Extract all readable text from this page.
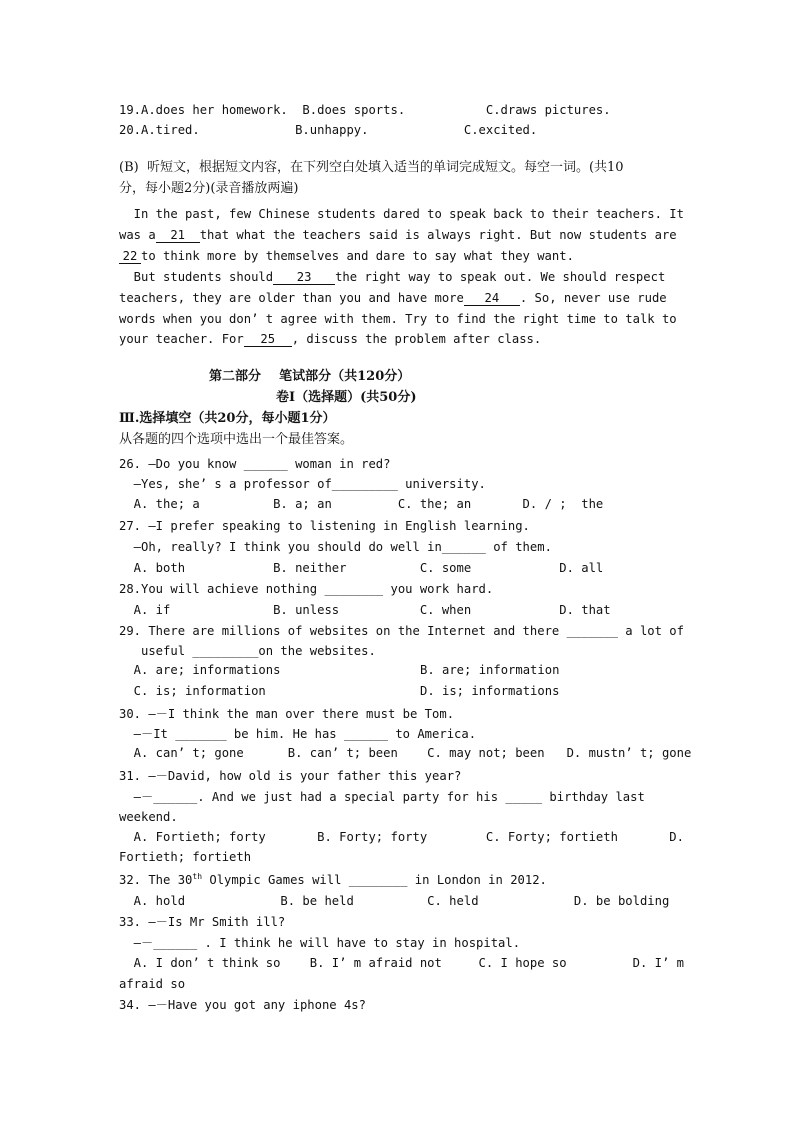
19.A.does her homework.  B.does sports.           C.draws pictures.
20.A.tired.             B.unhappy.             C.excited.
(B)  听短文，根据短文内容，在下列空白处填入适当的单词完成短文。每空一词。(共10
分，每小题2分)(录音播放两遍)
In the past, few Chinese students dared to speak back to their teachers. It
was a 21 that what the teachers said is always right. But now students are
22 to think more by themselves and dare to say what they want.
But students should 23 the right way to speak out. We should respect
teachers, they are older than you and have more 24 . So, never use rude
words when you don’ t agree with them. Try to find the right time to talk to
your teacher. For 25 , discuss the problem after class.
第二部分    笔试部分（共120分）
卷Ⅰ（选择题）(共50分)
Ⅲ.选择填空（共20分，每小题1分）
从各题的四个选项中选出一个最佳答案。
26. —Do you know ______ woman in red?
—Yes, she’ s a professor of_________ university.
A. the; a          B. a; an         C. the; an       D. / ;  the
27. —I prefer speaking to listening in English learning.
—Oh, really? I think you should do well in______ of them.
A. both            B. neither          C. some            D. all
28.You will achieve nothing ________ you work hard.
A. if              B. unless           C. when            D. that
29. There are millions of websites on the Internet and there _______ a lot of
useful _________on the websites.
A. are; informations	B. are; information
C. is; information	D. is; informations
30. —－I think the man over there must be Tom.
—－It _______ be him. He has ______ to America.
A. can’ t; gone      B. can’ t; been    C. may not; been   D. mustn’ t; gone
31. —－David, how old is your father this year?
—－______. And we just had a special party for his _____ birthday last
weekend.
A. Fortieth; forty       B. Forty; forty        C. Forty; fortieth       D.
Fortieth; fortieth
32. The 30th Olympic Games will ________ in London in 2012.
A. hold             B. be held          C. held             D. be bolding
33. —－Is Mr Smith ill?
—－______ . I think he will have to stay in hospital.
A. I don’ t think so    B. I’ m afraid not     C. I hope so         D. I’ m
afraid so
34. —－Have you got any iphone 4s?
